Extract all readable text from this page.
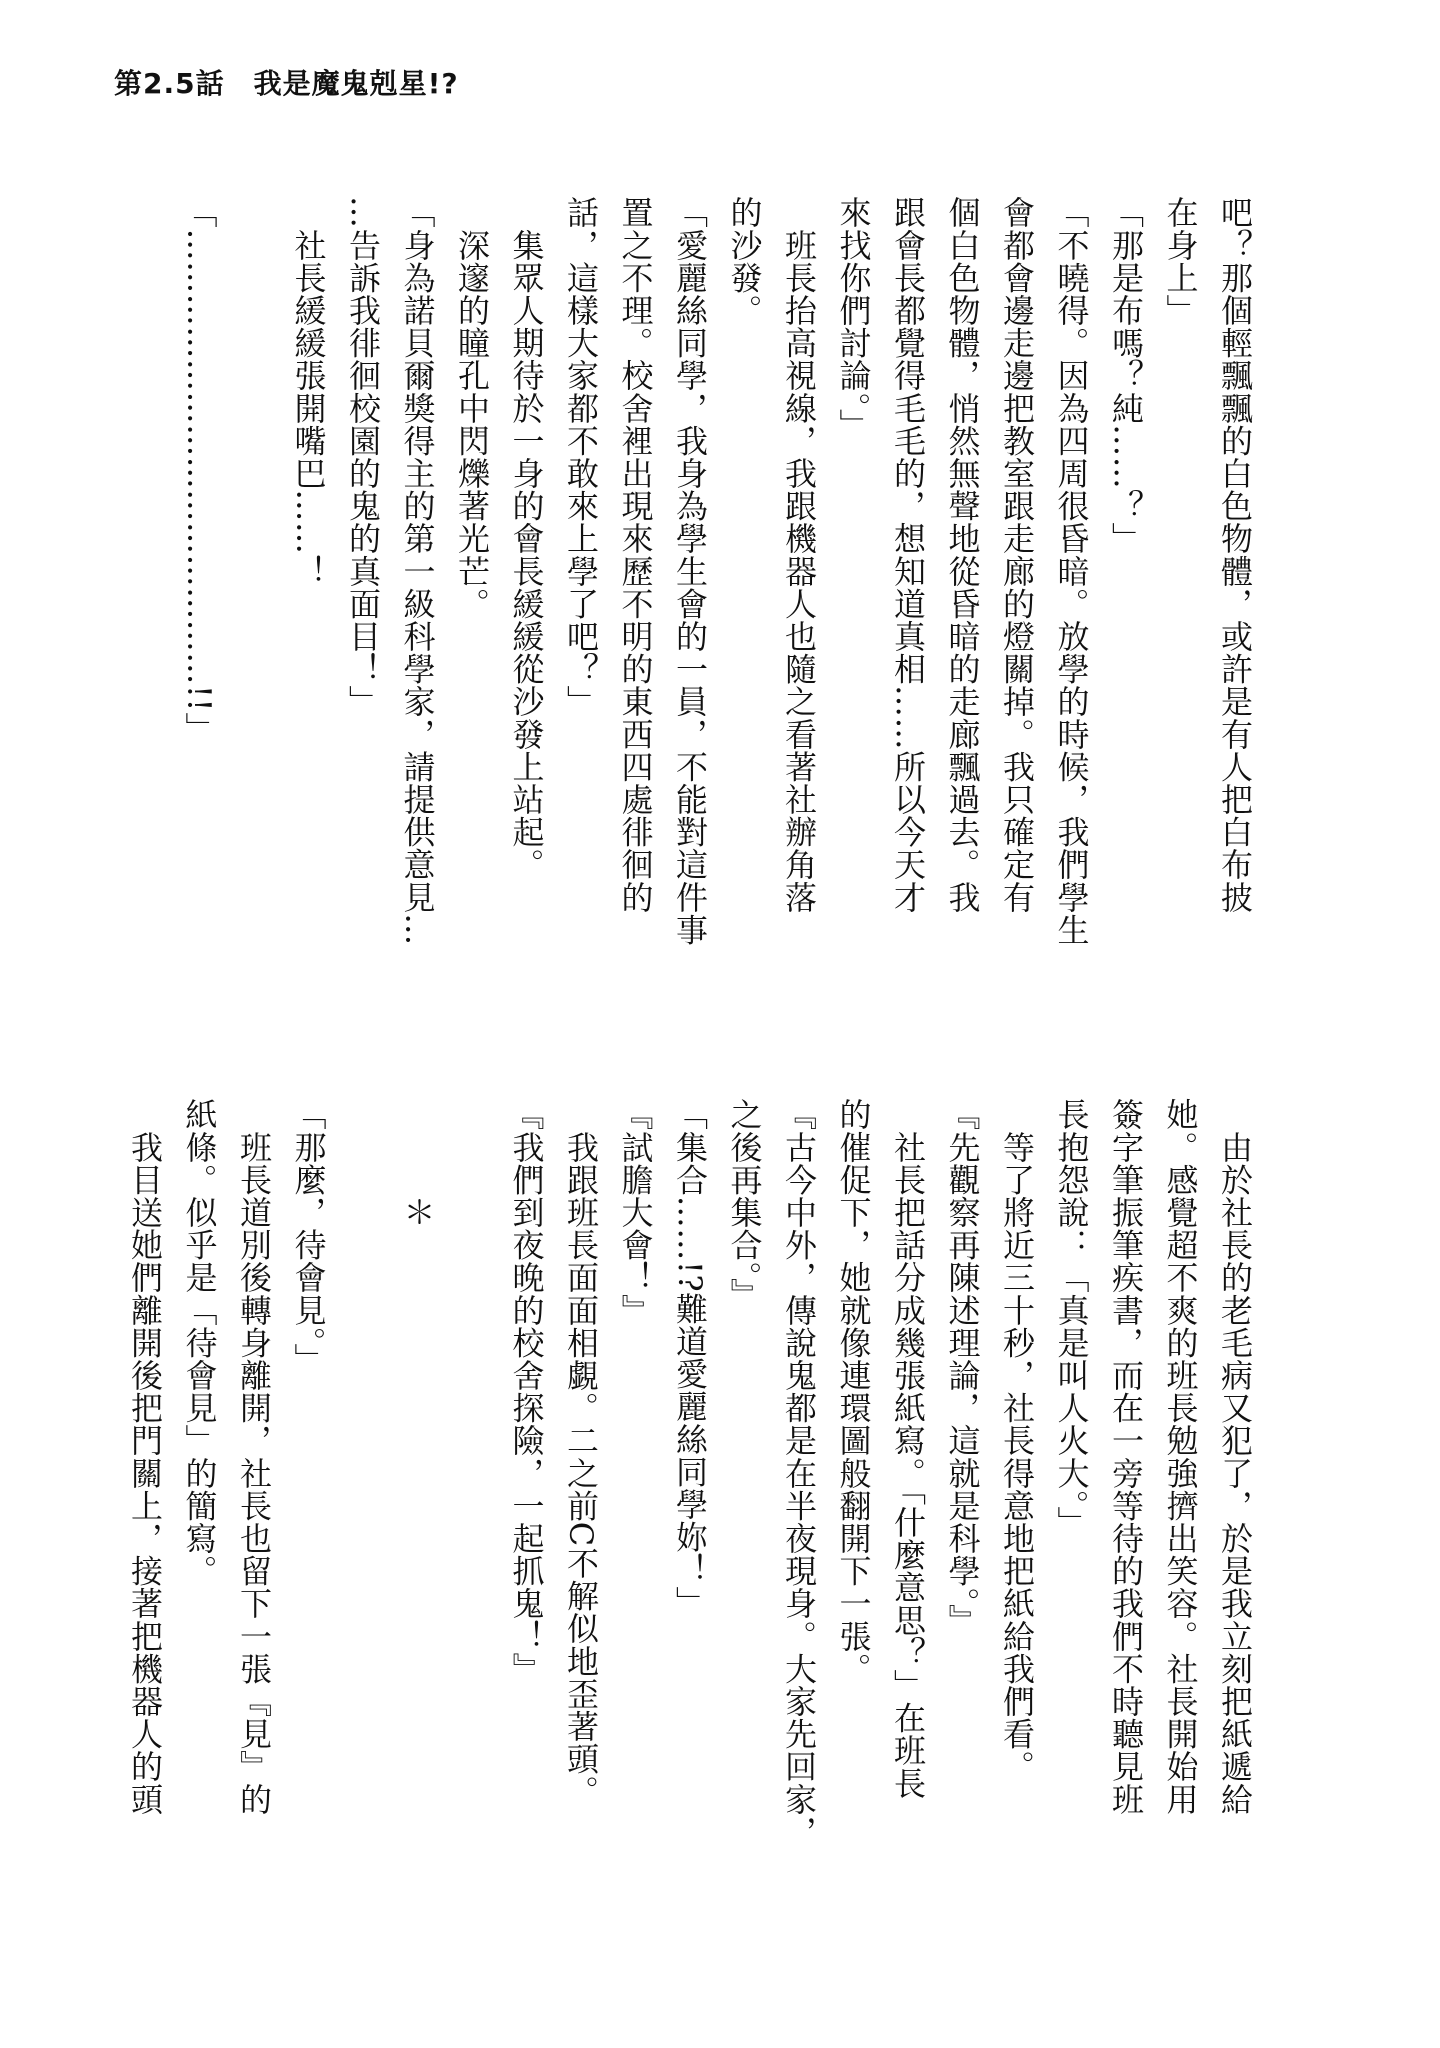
第2.5話　我是魔鬼剋星!?
吧？那個輕飄飄的白色物體，或許是有人把白布披
在身上」
「那是布嗎？純……？」
「不曉得。因為四周很昏暗。放學的時候，我們學生
會都會邊走邊把教室跟走廊的燈關掉。我只確定有
個白色物體，悄然無聲地從昏暗的走廊飄過去。我
跟會長都覺得毛毛的，想知道真相……所以今天才
來找你們討論。」
　班長抬高視線，我跟機器人也隨之看著社辦角落
的沙發。
「愛麗絲同學，我身為學生會的一員，不能對這件事
置之不理。校舍裡出現來歷不明的東西四處徘徊的
話，這樣大家都不敢來上學了吧？」
　集眾人期待於一身的會長緩緩從沙發上站起。
　深邃的瞳孔中閃爍著光芒。
「身為諾貝爾獎得主的第一級科學家，請提供意見…
…告訴我徘徊校園的鬼的真面目！」
　社長緩緩張開嘴巴……！

「……………………………………!!」
　由於社長的老毛病又犯了，於是我立刻把紙遞給
她。感覺超不爽的班長勉強擠出笑容。社長開始用
簽字筆振筆疾書，而在一旁等待的我們不時聽見班
長抱怨說：「真是叫人火大。」
　等了將近三十秒，社長得意地把紙給我們看。
『先觀察再陳述理論，這就是科學。』
　社長把話分成幾張紙寫。「什麼意思？」在班長
的催促下，她就像連環圖般翻開下一張。
『古今中外，傳說鬼都是在半夜現身。大家先回家，
之後再集合。』
「集合……!?難道愛麗絲同學妳！」
『試膽大會！』
　我跟班長面面相覷。二之前C不解似地歪著頭。
『我們到夜晚的校舍探險，一起抓鬼！』

　　　＊

「那麼，待會見。」
　班長道別後轉身離開，社長也留下一張『見』的
紙條。似乎是「待會見」的簡寫。
　我目送她們離開後把門關上，接著把機器人的頭
